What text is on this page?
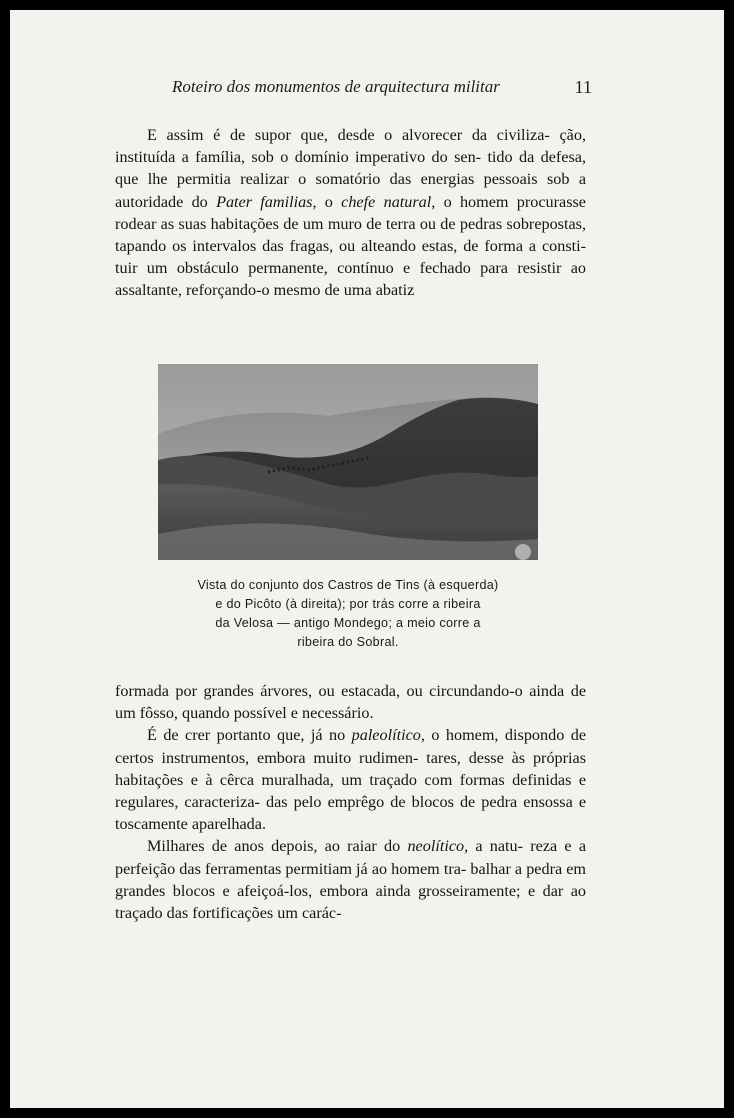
Roteiro dos monumentos de arquitectura militar	11

E assim é de supor que, desde o alvorecer da civiliza- ção, instituída a família, sob o domínio imperativo do sen- tido da defesa, que lhe permitia realizar o somatório das energias pessoais sob a autoridade do Pater familias, o chefe natural, o homem procurasse rodear as suas habitações de um muro de terra ou de pedras sobrepostas, tapando os intervalos das fragas, ou alteando estas, de forma a consti- tuir um obstáculo permanente, contínuo e fechado para resistir ao assaltante, reforçando-o mesmo de uma abatiz

Vista do conjunto dos Castros de Tins (à esquerda)
e do Picôto (à direita); por trás corre a ribeira
da Velosa — antigo Mondego; a meio corre a
ribeira do Sobral.

formada por grandes árvores, ou estacada, ou circundando-o ainda de um fôsso, quando possível e necessário.

É de crer portanto que, já no paleolítico, o homem, dispondo de certos instrumentos, embora muito rudimen- tares, desse às próprias habitações e à cêrca muralhada, um traçado com formas definidas e regulares, caracteriza- das pelo emprêgo de blocos de pedra ensossa e toscamente aparelhada.

Milhares de anos depois, ao raiar do neolítico, a natu- reza e a perfeição das ferramentas permitiam já ao homem tra- balhar a pedra em grandes blocos e afeiçoá-los, embora ainda grosseiramente; e dar ao traçado das fortificações um carác-
